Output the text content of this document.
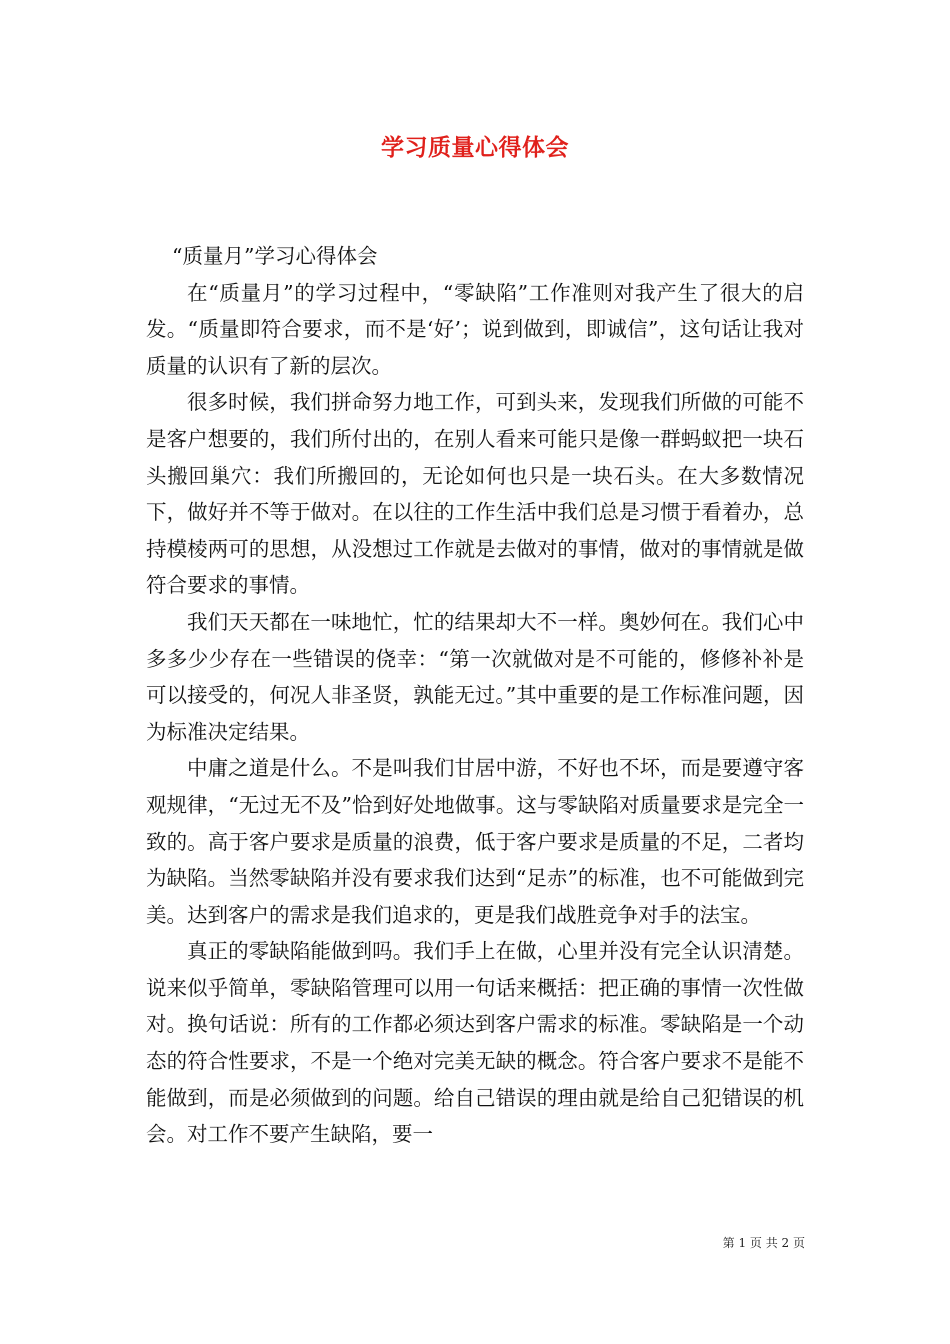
学习质量心得体会

“质量月”学习心得体会

在“质量月”的学习过程中，“零缺陷”工作准则对我产生了很大的启发。“质量即符合要求，而不是‘好’；说到做到，即诚信”，这句话让我对质量的认识有了新的层次。

很多时候，我们拼命努力地工作，可到头来，发现我们所做的可能不是客户想要的，我们所付出的，在别人看来可能只是像一群蚂蚁把一块石头搬回巢穴：我们所搬回的，无论如何也只是一块石头。在大多数情况下，做好并不等于做对。在以往的工作生活中我们总是习惯于看着办，总持模棱两可的思想，从没想过工作就是去做对的事情，做对的事情就是做符合要求的事情。

我们天天都在一味地忙，忙的结果却大不一样。奥妙何在。我们心中多多少少存在一些错误的侥幸：“第一次就做对是不可能的，修修补补是可以接受的，何况人非圣贤，孰能无过。”其中重要的是工作标准问题，因为标准决定结果。

中庸之道是什么。不是叫我们甘居中游，不好也不坏，而是要遵守客观规律，“无过无不及”恰到好处地做事。这与零缺陷对质量要求是完全一致的。高于客户要求是质量的浪费，低于客户要求是质量的不足，二者均为缺陷。当然零缺陷并没有要求我们达到“足赤”的标准，也不可能做到完美。达到客户的需求是我们追求的，更是我们战胜竞争对手的法宝。

真正的零缺陷能做到吗。我们手上在做，心里并没有完全认识清楚。说来似乎简单，零缺陷管理可以用一句话来概括：把正确的事情一次性做对。换句话说：所有的工作都必须达到客户需求的标准。零缺陷是一个动态的符合性要求，不是一个绝对完美无缺的概念。符合客户要求不是能不能做到，而是必须做到的问题。给自己错误的理由就是给自己犯错误的机会。对工作不要产生缺陷，要一

第 1 页 共 2 页
